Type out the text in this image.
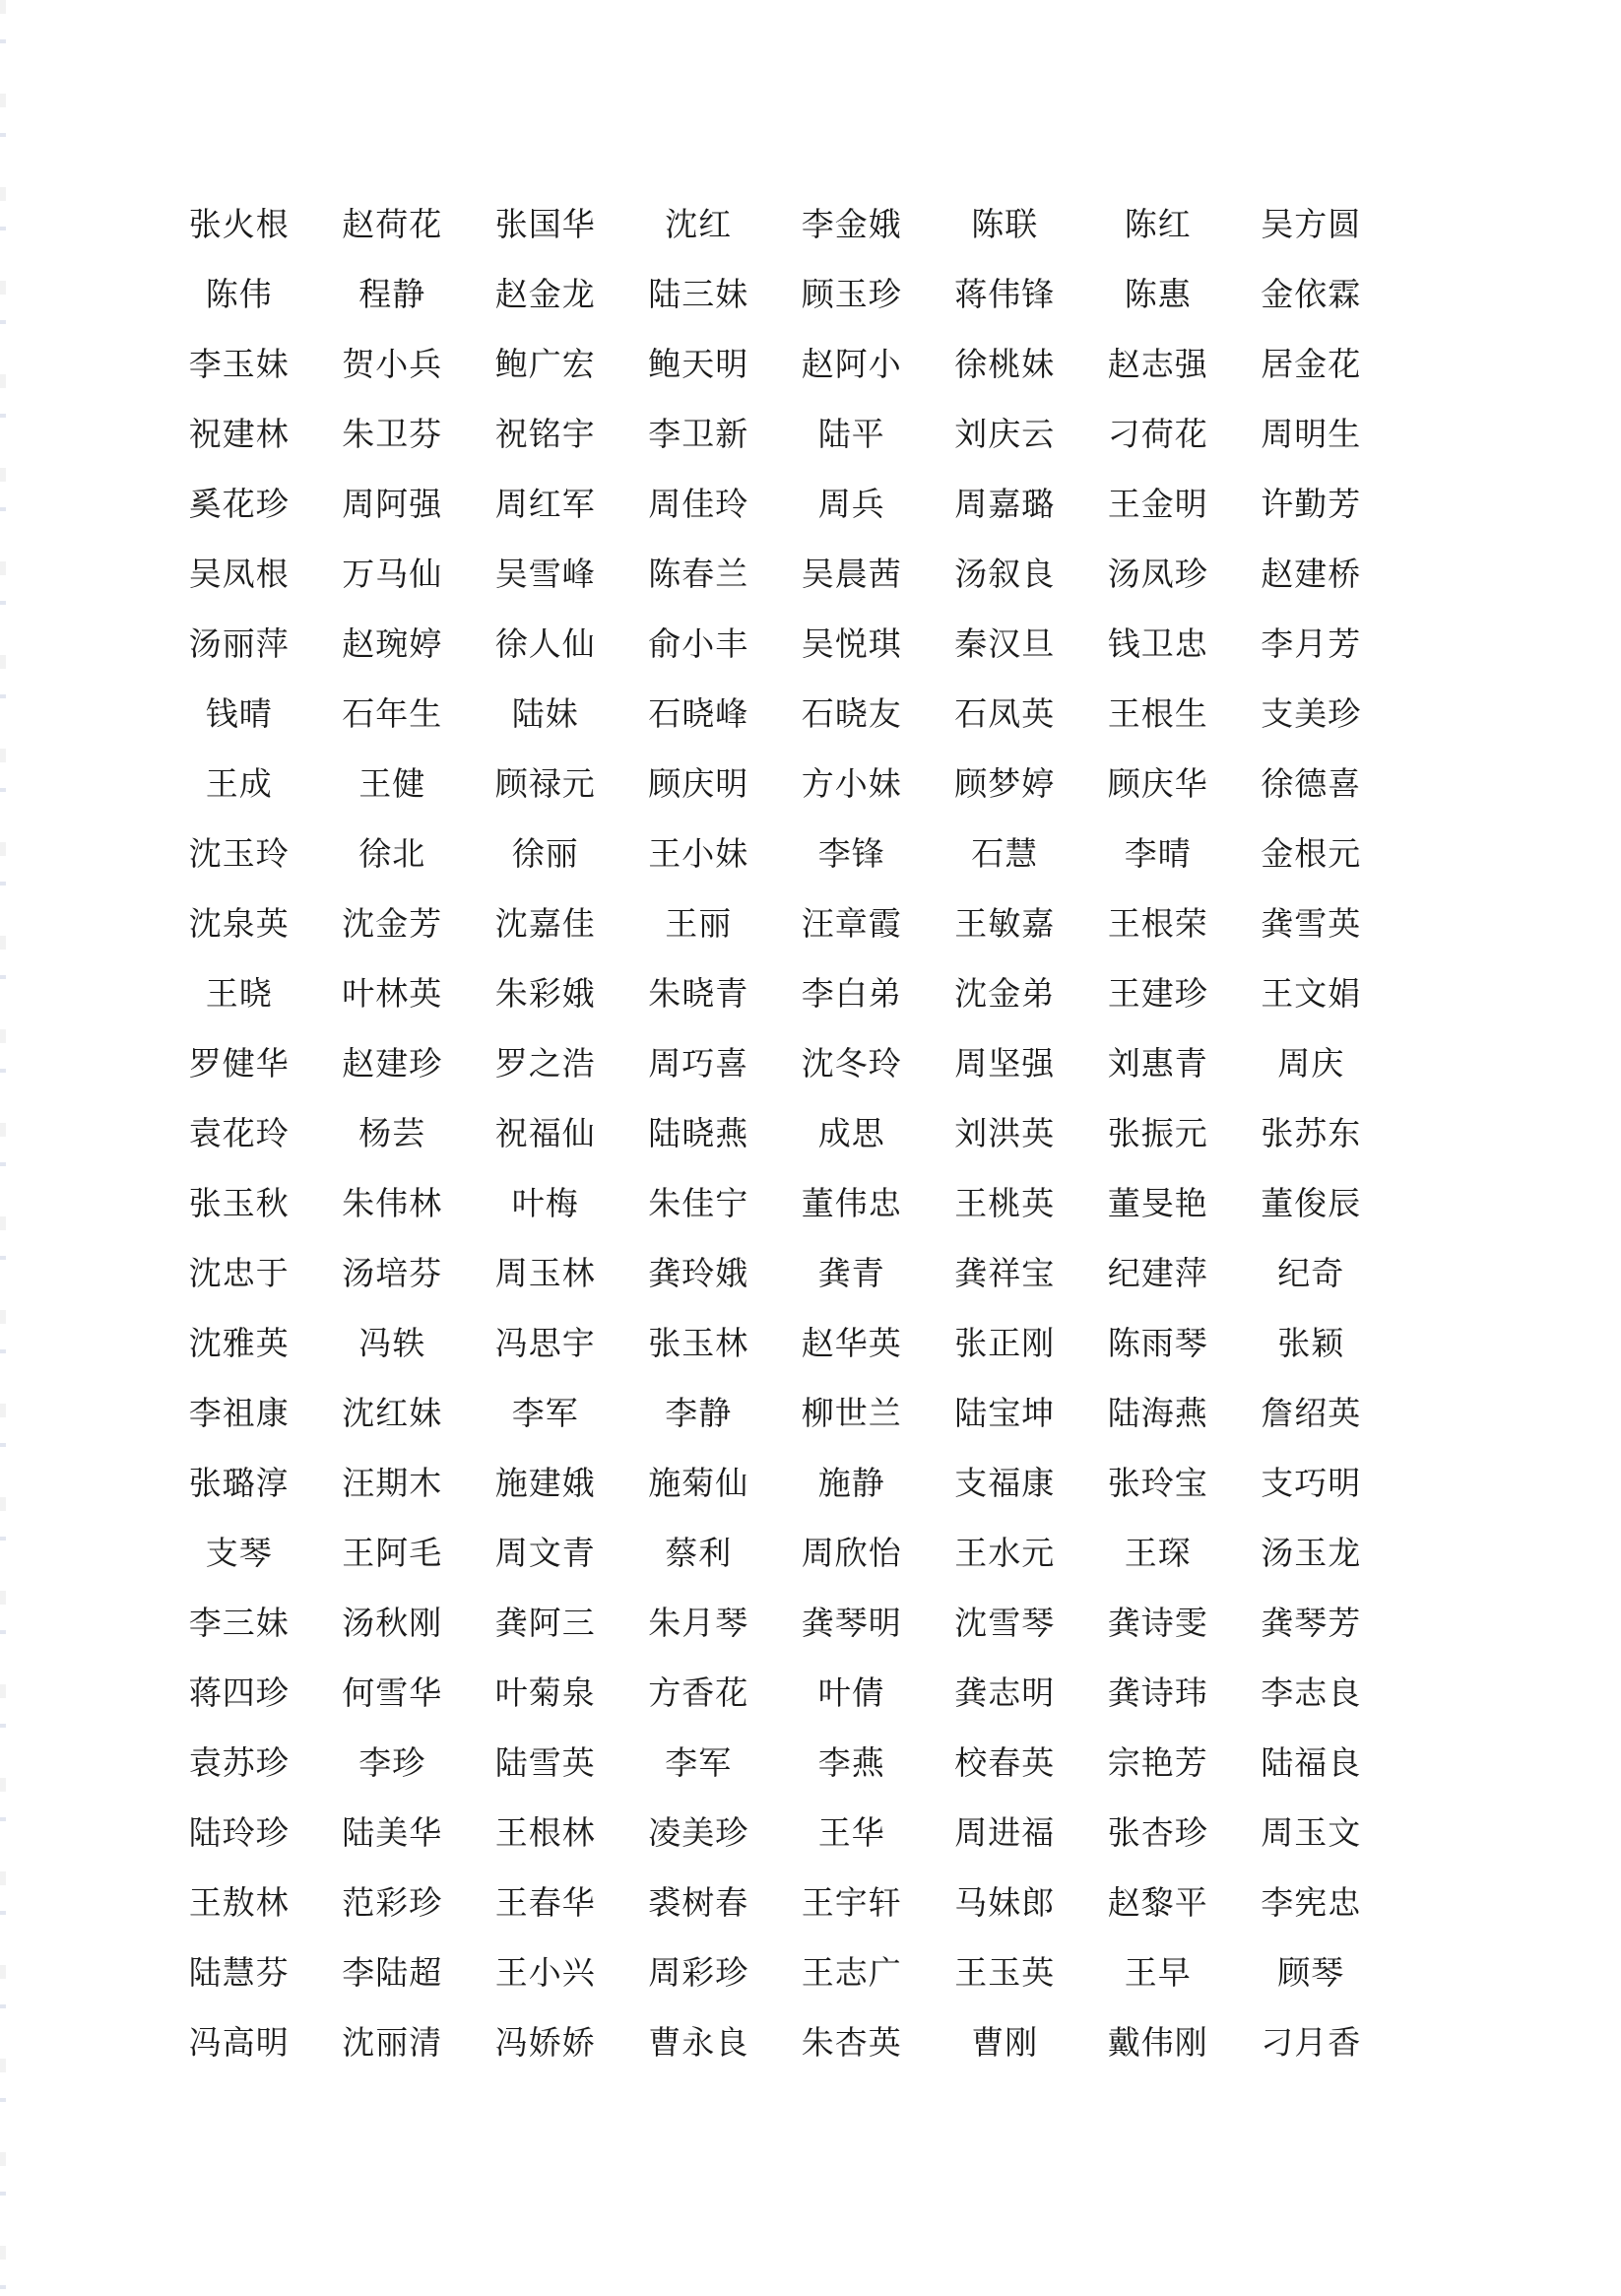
张火根	赵荷花	张国华	沈红	李金娥	陈联	陈红	吴方圆
陈伟	程静	赵金龙	陆三妹	顾玉珍	蒋伟锋	陈惠	金依霖
李玉妹	贺小兵	鲍广宏	鲍天明	赵阿小	徐桃妹	赵志强	居金花
祝建林	朱卫芬	祝铭宇	李卫新	陆平	刘庆云	刁荷花	周明生
奚花珍	周阿强	周红军	周佳玲	周兵	周嘉璐	王金明	许勤芳
吴凤根	万马仙	吴雪峰	陈春兰	吴晨茜	汤叙良	汤凤珍	赵建桥
汤丽萍	赵琬婷	徐人仙	俞小丰	吴悦琪	秦汉旦	钱卫忠	李月芳
钱晴	石年生	陆妹	石晓峰	石晓友	石凤英	王根生	支美珍
王成	王健	顾禄元	顾庆明	方小妹	顾梦婷	顾庆华	徐德喜
沈玉玲	徐北	徐丽	王小妹	李锋	石慧	李晴	金根元
沈泉英	沈金芳	沈嘉佳	王丽	汪章霞	王敏嘉	王根荣	龚雪英
王晓	叶林英	朱彩娥	朱晓青	李白弟	沈金弟	王建珍	王文娟
罗健华	赵建珍	罗之浩	周巧喜	沈冬玲	周坚强	刘惠青	周庆
袁花玲	杨芸	祝福仙	陆晓燕	成思	刘洪英	张振元	张苏东
张玉秋	朱伟林	叶梅	朱佳宁	董伟忠	王桃英	董旻艳	董俊辰
沈忠于	汤培芬	周玉林	龚玲娥	龚青	龚祥宝	纪建萍	纪奇
沈雅英	冯轶	冯思宇	张玉林	赵华英	张正刚	陈雨琴	张颖
李祖康	沈红妹	李军	李静	柳世兰	陆宝坤	陆海燕	詹绍英
张璐淳	汪期木	施建娥	施菊仙	施静	支福康	张玲宝	支巧明
支琴	王阿毛	周文青	蔡利	周欣怡	王水元	王琛	汤玉龙
李三妹	汤秋刚	龚阿三	朱月琴	龚琴明	沈雪琴	龚诗雯	龚琴芳
蒋四珍	何雪华	叶菊泉	方香花	叶倩	龚志明	龚诗玮	李志良
袁苏珍	李珍	陆雪英	李军	李燕	校春英	宗艳芳	陆福良
陆玲珍	陆美华	王根林	凌美珍	王华	周进福	张杏珍	周玉文
王敖林	范彩珍	王春华	裘树春	王宇轩	马妹郎	赵黎平	李宪忠
陆慧芬	李陆超	王小兴	周彩珍	王志广	王玉英	王早	顾琴
冯高明	沈丽清	冯娇娇	曹永良	朱杏英	曹刚	戴伟刚	刁月香
